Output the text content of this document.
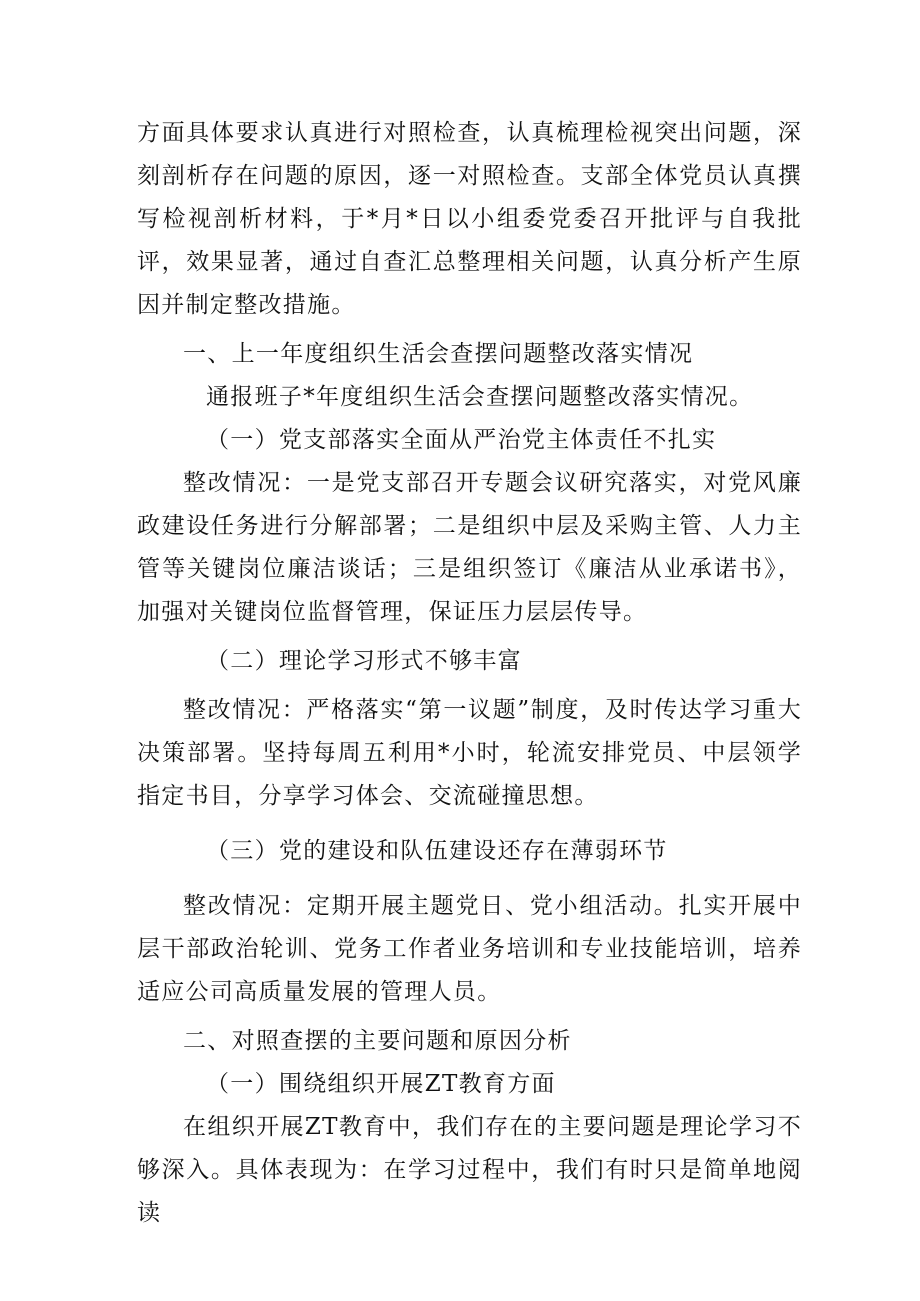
方面具体要求认真进行对照检查，认真梳理检视突出问题，深刻剖析存在问题的原因，逐一对照检查。支部全体党员认真撰写检视剖析材料，于*月*日以小组委党委召开批评与自我批评，效果显著，通过自查汇总整理相关问题，认真分析产生原因并制定整改措施。

一、上一年度组织生活会查摆问题整改落实情况

通报班子*年度组织生活会查摆问题整改落实情况。

（一）党支部落实全面从严治党主体责任不扎实

整改情况：一是党支部召开专题会议研究落实，对党风廉政建设任务进行分解部署；二是组织中层及采购主管、人力主管等关键岗位廉洁谈话；三是组织签订《廉洁从业承诺书》，加强对关键岗位监督管理，保证压力层层传导。

（二）理论学习形式不够丰富

整改情况：严格落实“第一议题”制度，及时传达学习重大决策部署。坚持每周五利用*小时，轮流安排党员、中层领学指定书目，分享学习体会、交流碰撞思想。

（三）党的建设和队伍建设还存在薄弱环节

整改情况：定期开展主题党日、党小组活动。扎实开展中层干部政治轮训、党务工作者业务培训和专业技能培训，培养适应公司高质量发展的管理人员。

二、对照查摆的主要问题和原因分析

（一）围绕组织开展ZT教育方面

在组织开展ZT教育中，我们存在的主要问题是理论学习不够深入。具体表现为：在学习过程中，我们有时只是简单地阅读
